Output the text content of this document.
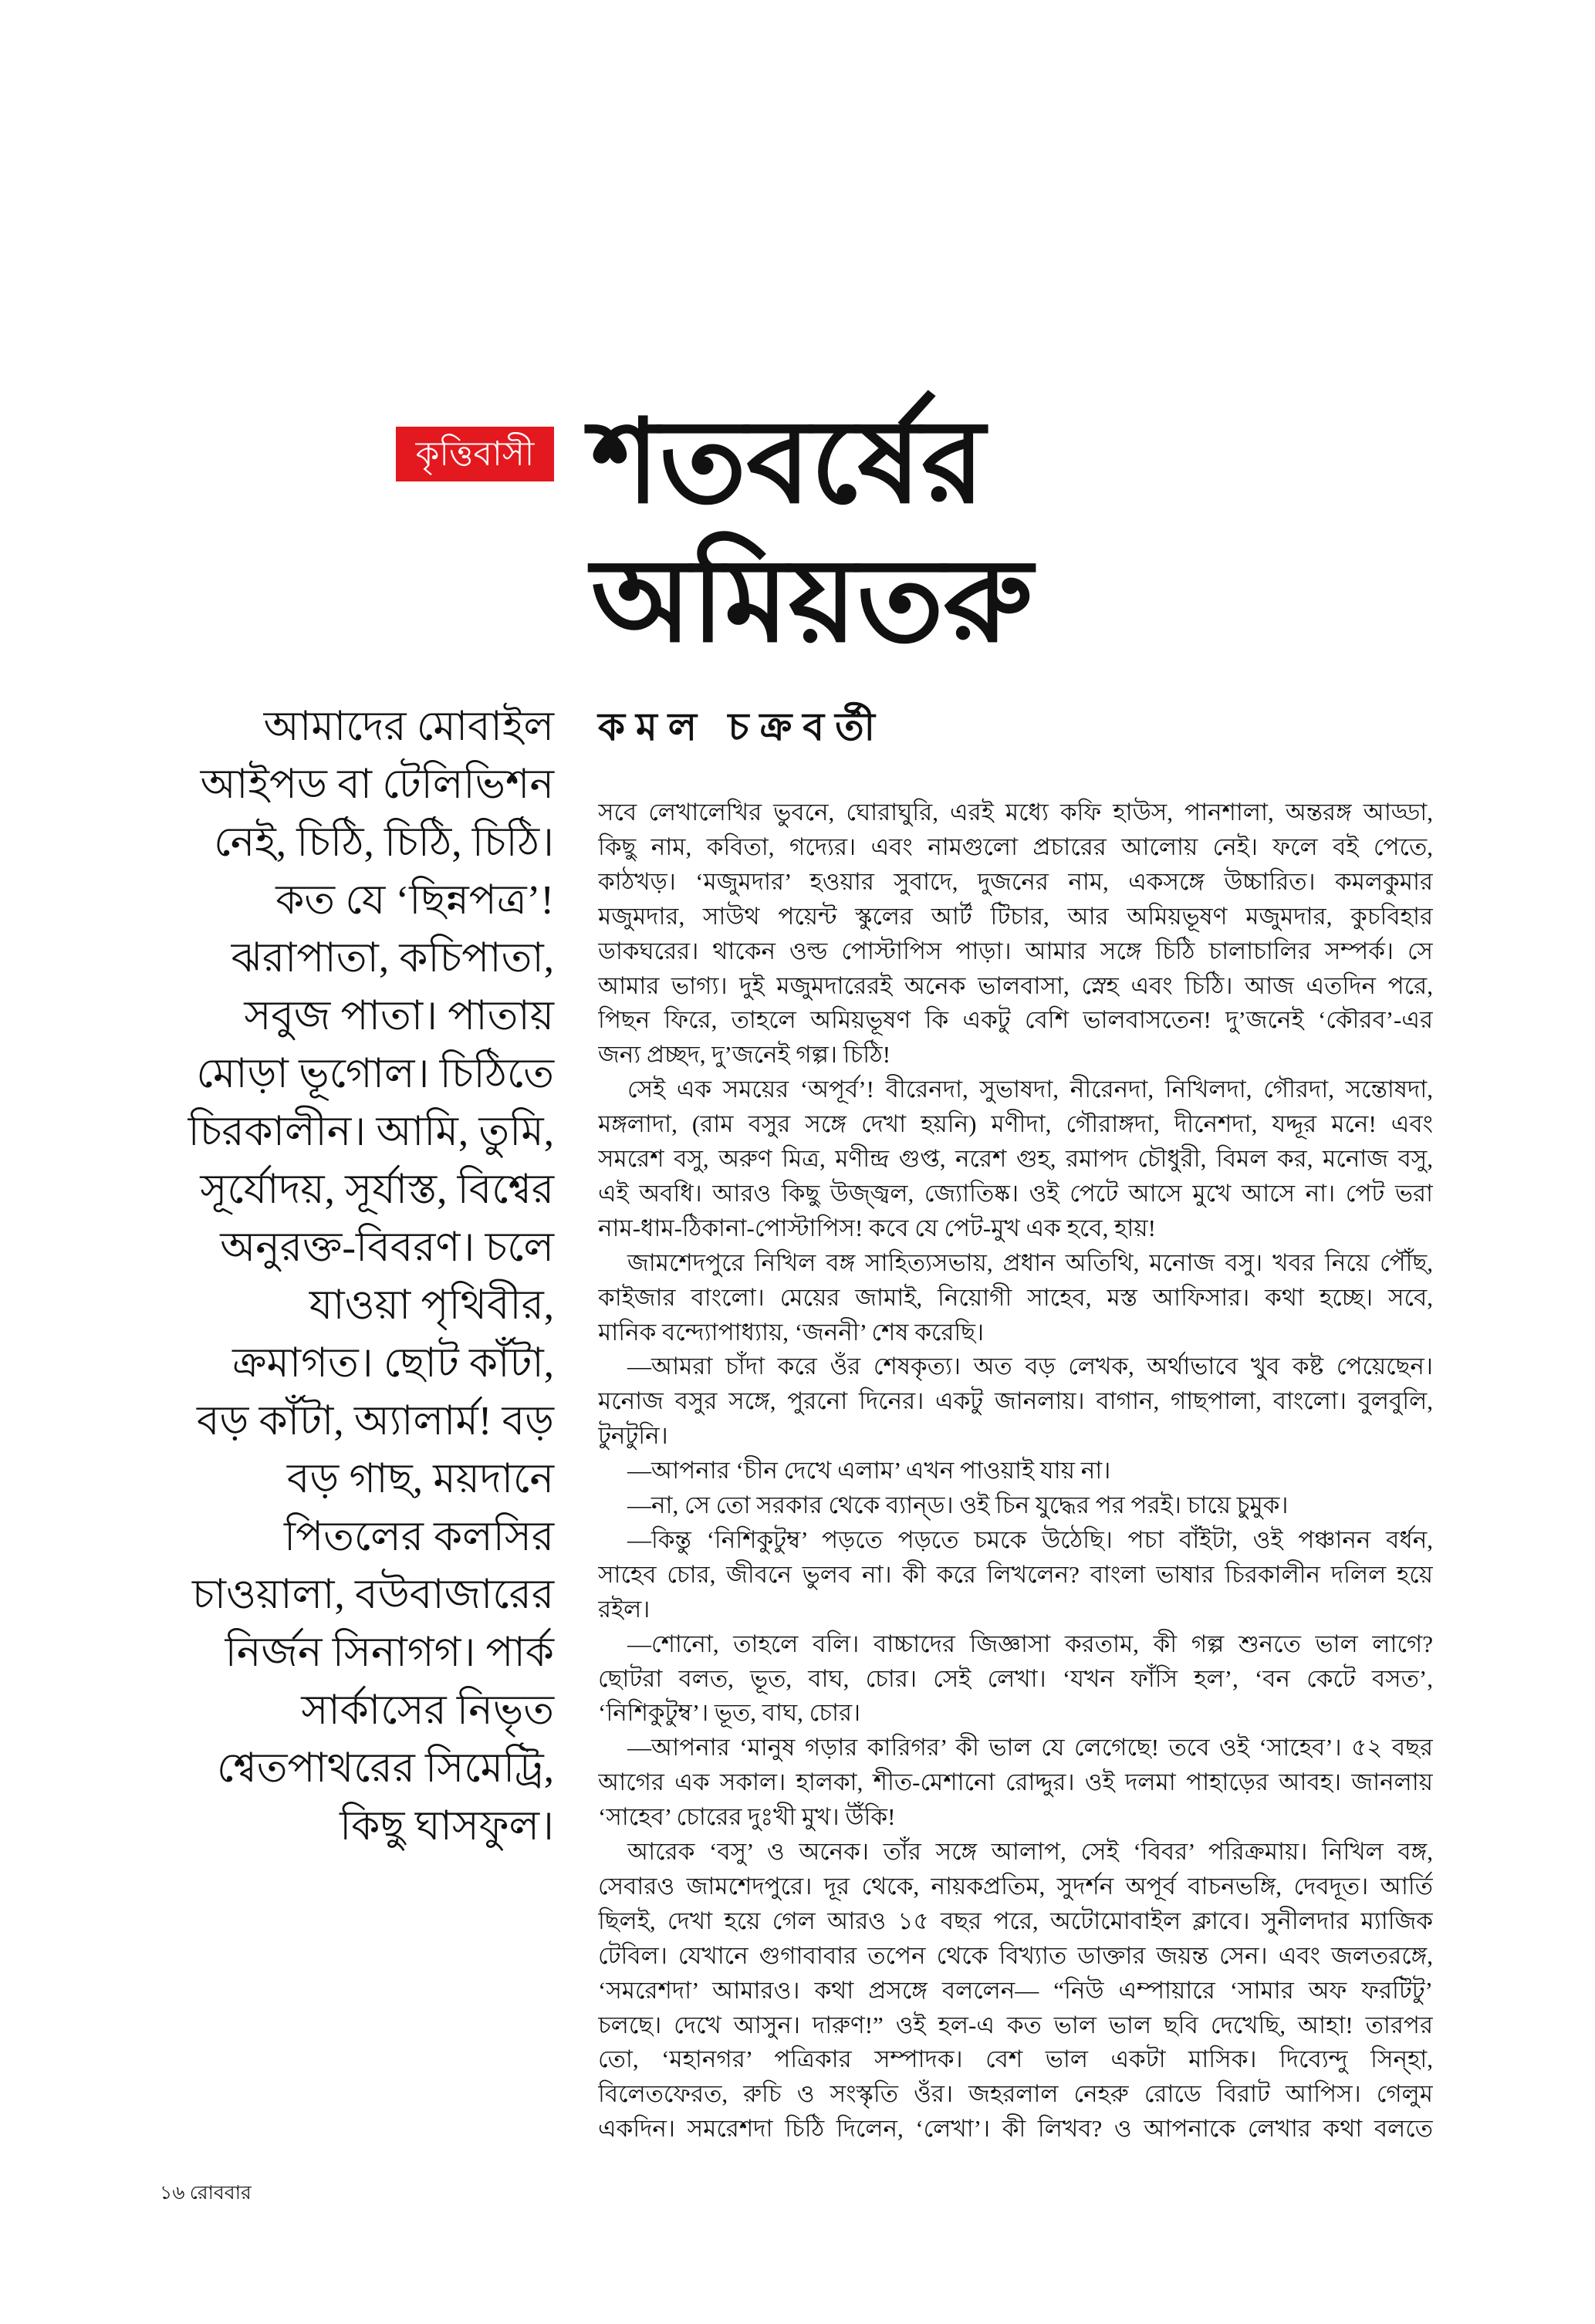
কৃত্তিবাসী শতবর্ষের
অমিয়তরু
কমল চক্রবর্তী
আমাদের মোবাইল
আইপড বা টেলিভিশন
নেই, চিঠি, চিঠি, চিঠি।
কত যে ‘ছিন্নপত্র’!
ঝরাপাতা, কচিপাতা,
সবুজ পাতা। পাতায়
মোড়া ভূগোল। চিঠিতে
চিরকালীন। আমি, তুমি,
সূর্যোদয়, সূর্যাস্ত, বিশ্বের
অনুরক্ত-বিবরণ। চলে
যাওয়া পৃথিবীর,
ক্রমাগত। ছোট কাঁটা,
বড় কাঁটা, অ্যালার্ম! বড়
বড় গাছ, ময়দানে
পিতলের কলসির
চাওয়ালা, বউবাজারের
নির্জন সিনাগগ। পার্ক
সার্কাসের নিভৃত
শ্বেতপাথরের সিমেট্রি,
কিছু ঘাসফুল।
সবে লেখালেখির ভুবনে, ঘোরাঘুরি, এরই মধ্যে কফি হাউস, পানশালা, অন্তরঙ্গ আড্ডা,
কিছু নাম, কবিতা, গদ্যের। এবং নামগুলো প্রচারের আলোয় নেই। ফলে বই পেতে,
কাঠখড়। ‘মজুমদার’ হওয়ার সুবাদে, দুজনের নাম, একসঙ্গে উচ্চারিত। কমলকুমার
মজুমদার, সাউথ পয়েন্ট স্কুলের আর্ট টিচার, আর অমিয়ভূষণ মজুমদার, কুচবিহার
ডাকঘরের। থাকেন ওল্ড পোস্টাপিস পাড়া। আমার সঙ্গে চিঠি চালাচালির সম্পর্ক। সে
আমার ভাগ্য। দুই মজুমদারেরই অনেক ভালবাসা, স্নেহ এবং চিঠি। আজ এতদিন পরে,
পিছন ফিরে, তাহলে অমিয়ভূষণ কি একটু বেশি ভালবাসতেন! দু’জনেই ‘কৌরব’-এর
জন্য প্রচ্ছদ, দু’জনেই গল্প। চিঠি!
সেই এক সময়ের ‘অপূর্ব’! বীরেনদা, সুভাষদা, নীরেনদা, নিখিলদা, গৌরদা, সন্তোষদা,
মঙ্গলাদা, (রাম বসুর সঙ্গে দেখা হয়নি) মণীদা, গৌরাঙ্গদা, দীনেশদা, যদ্দূর মনে! এবং
সমরেশ বসু, অরুণ মিত্র, মণীন্দ্র গুপ্ত, নরেশ গুহ, রমাপদ চৌধুরী, বিমল কর, মনোজ বসু,
এই অবধি। আরও কিছু উজ্জ্বল, জ্যোতিষ্ক। ওই পেটে আসে মুখে আসে না। পেট ভরা
নাম-ধাম-ঠিকানা-পোস্টাপিস! কবে যে পেট-মুখ এক হবে, হায়!
জামশেদপুরে নিখিল বঙ্গ সাহিত্যসভায়, প্রধান অতিথি, মনোজ বসু। খবর নিয়ে পৌঁছ,
কাইজার বাংলো। মেয়ের জামাই, নিয়োগী সাহেব, মস্ত আফিসার। কথা হচ্ছে। সবে,
মানিক বন্দ্যোপাধ্যায়, ‘জননী’ শেষ করেছি।
—আমরা চাঁদা করে ওঁর শেষকৃত্য। অত বড় লেখক, অর্থাভাবে খুব কষ্ট পেয়েছেন।
মনোজ বসুর সঙ্গে, পুরনো দিনের। একটু জানলায়। বাগান, গাছপালা, বাংলো। বুলবুলি,
টুনটুনি।
—আপনার ‘চীন দেখে এলাম’ এখন পাওয়াই যায় না।
—না, সে তো সরকার থেকে ব্যান্‌ড। ওই চিন যুদ্ধের পর পরই। চায়ে চুমুক।
—কিন্তু ‘নিশিকুটুম্ব’ পড়তে পড়তে চমকে উঠেছি। পচা বাঁইটা, ওই পঞ্চানন বর্ধন,
সাহেব চোর, জীবনে ভুলব না। কী করে লিখলেন? বাংলা ভাষার চিরকালীন দলিল হয়ে
রইল।
—শোনো, তাহলে বলি। বাচ্চাদের জিজ্ঞাসা করতাম, কী গল্প শুনতে ভাল লাগে?
ছোটরা বলত, ভূত, বাঘ, চোর। সেই লেখা। ‘যখন ফাঁসি হল’, ‘বন কেটে বসত’,
‘নিশিকুটুম্ব’। ভূত, বাঘ, চোর।
—আপনার ‘মানুষ গড়ার কারিগর’ কী ভাল যে লেগেছে! তবে ওই ‘সাহেব’। ৫২ বছর
আগের এক সকাল। হালকা, শীত-মেশানো রোদ্দুর। ওই দলমা পাহাড়ের আবহ। জানলায়
‘সাহেব’ চোরের দুঃখী মুখ। উঁকি!
আরেক ‘বসু’ ও অনেক। তাঁর সঙ্গে আলাপ, সেই ‘বিবর’ পরিক্রমায়। নিখিল বঙ্গ,
সেবারও জামশেদপুরে। দূর থেকে, নায়কপ্রতিম, সুদর্শন অপূর্ব বাচনভঙ্গি, দেবদূত। আর্তি
ছিলই, দেখা হয়ে গেল আরও ১৫ বছর পরে, অটোমোবাইল ক্লাবে। সুনীলদার ম্যাজিক
টেবিল। যেখানে গুগাবাবার তপেন থেকে বিখ্যাত ডাক্তার জয়ন্ত সেন। এবং জলতরঙ্গে,
‘সমরেশদা’ আমারও। কথা প্রসঙ্গে বললেন— “নিউ এম্পায়ারে ‘সামার অফ ফরটিটু’
চলছে। দেখে আসুন। দারুণ!” ওই হল-এ কত ভাল ভাল ছবি দেখেছি, আহা! তারপর
তো, ‘মহানগর’ পত্রিকার সম্পাদক। বেশ ভাল একটা মাসিক। দিব্যেন্দু সিন্‌হা,
বিলেতফেরত, রুচি ও সংস্কৃতি ওঁর। জহরলাল নেহরু রোডে বিরাট আপিস। গেলুম
একদিন। সমরেশদা চিঠি দিলেন, ‘লেখা’। কী লিখব? ও আপনাকে লেখার কথা বলতে
১৬ রোববার
